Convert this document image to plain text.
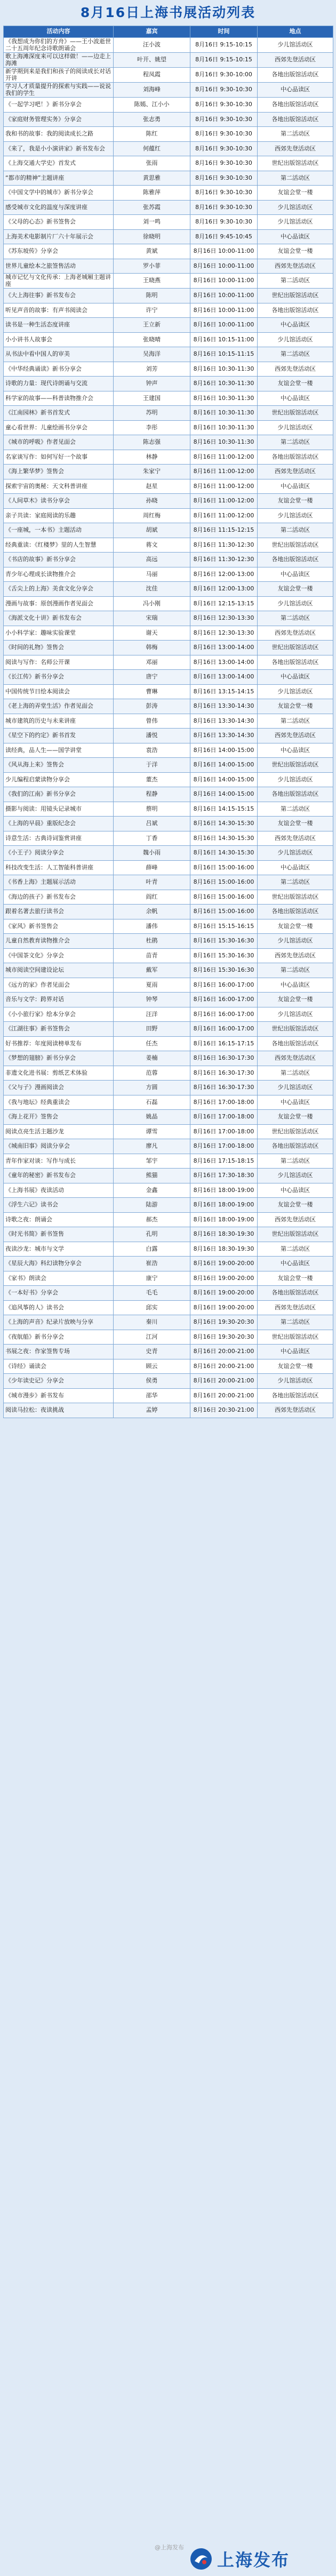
8月16日上海书展活动列表
活动内容	嘉宾	时间	地点
《我想成为你们的方舟》——王小波逝世二十五周年纪念诗歌朗诵会	汪小波	8月16日 9:15-10:15	少儿馆活动区
歌上海滩深度来可以这样做！——边走上海滩	叶开、姚望	8月16日 9:15-10:15	西郊先登活动区
新学期到来是我们和孩子的阅读成长对话开讲	程凤霞	8月16日 9:30-10:00	各地出版馆活动区
学习人才质量提升的探索与实践——说说我们的学生	刘海峰	8月16日 9:30-10:30	中心品读区
《一起学习吧！》新书分享会	陈嫣、江小小	8月16日 9:30-10:30	各地出版馆活动区
《家庭财务管理实务》分享会	张志勇	8月16日 9:30-10:30	各地出版馆活动区
我和书的故事：我的阅读成长之路	陈红	8月16日 9:30-10:30	第二活动区
《来了，我是小小演讲家》新书发布会	何蕴红	8月16日 9:30-10:30	西郊先登活动区
《上海交通大学史》首发式	张雨	8月16日 9:30-10:30	世纪出版馆活动区
“都市的精神”主题讲座	黄思雅	8月16日 9:30-10:30	第二活动区
《中国文学中的城市》新书分享会	陈雅萍	8月16日 9:30-10:30	友谊会堂一楼
感受城市文化的温度与深度讲座	张苏霞	8月16日 9:30-10:30	少儿馆活动区
《父母的心态》新书签售会	刘一鸣	8月16日 9:30-10:30	少儿馆活动区
上海美术电影制片厂六十年展示会	徐晓明	8月16日 9:45-10:45	中心品读区
《苏东坡传》分享会	黄斌	8月16日 10:00-11:00	友谊会堂一楼
世界儿童绘本之旅签售活动	罗小菲	8月16日 10:00-11:00	西郊先登活动区
城市记忆与文化传承：上海老城厢主题讲座	王晓燕	8月16日 10:00-11:00	第二活动区
《大上海往事》新书发布会	陈明	8月16日 10:00-11:00	世纪出版馆活动区
听见声音的故事：有声书阅读会	许宁	8月16日 10:00-11:00	各地出版馆活动区
读书是一种生活态度讲座	王立新	8月16日 10:00-11:00	中心品读区
小小讲书人故事会	张晓晴	8月16日 10:15-11:00	少儿馆活动区
从书法中看中国人的审美	吴海洋	8月16日 10:15-11:15	第二活动区
《中华经典诵读》新书分享会	刘芳	8月16日 10:30-11:30	西郊先登活动区
诗歌的力量：现代诗朗诵与交流	钟声	8月16日 10:30-11:30	友谊会堂一楼
科学家的故事——科普读物推介会	王建国	8月16日 10:30-11:30	中心品读区
《江南园林》新书首发式	苏明	8月16日 10:30-11:30	世纪出版馆活动区
童心看世界：儿童绘画书分享会	李彤	8月16日 10:30-11:30	少儿馆活动区
《城市的呼吸》作者见面会	陈志强	8月16日 10:30-11:30	第二活动区
名家谈写作：如何写好一个故事	林静	8月16日 11:00-12:00	各地出版馆活动区
《海上繁华梦》签售会	朱家宁	8月16日 11:00-12:00	西郊先登活动区
探索宇宙的奥秘：天文科普讲座	赵星	8月16日 11:00-12:00	中心品读区
《人间草木》读书分享会	孙晓	8月16日 11:00-12:00	友谊会堂一楼
亲子共读：家庭阅读的乐趣	周红梅	8月16日 11:00-12:00	少儿馆活动区
《一座城，一本书》主题活动	胡斌	8月16日 11:15-12:15	第二活动区
经典重读：《红楼梦》里的人生智慧	蒋文	8月16日 11:30-12:30	世纪出版馆活动区
《书店的故事》新书分享会	高远	8月16日 11:30-12:30	各地出版馆活动区
青少年心理成长读物推介会	马丽	8月16日 12:00-13:00	中心品读区
《舌尖上的上海》美食文化分享会	沈佳	8月16日 12:00-13:00	友谊会堂一楼
漫画与故事：原创漫画作者见面会	冯小刚	8月16日 12:15-13:15	少儿馆活动区
《海派文化十讲》新书发布会	宋瑞	8月16日 12:30-13:30	第二活动区
小小科学家：趣味实验课堂	谢天	8月16日 12:30-13:30	西郊先登活动区
《时间的礼物》签售会	韩梅	8月16日 13:00-14:00	世纪出版馆活动区
阅读与写作：名师公开课	邓丽	8月16日 13:00-14:00	各地出版馆活动区
《长江传》新书分享会	唐宁	8月16日 13:00-14:00	中心品读区
中国传统节日绘本阅读会	曹琳	8月16日 13:15-14:15	少儿馆活动区
《老上海的弄堂生活》作者见面会	彭涛	8月16日 13:30-14:30	友谊会堂一楼
城市建筑的历史与未来讲座	曾伟	8月16日 13:30-14:30	第二活动区
《星空下的约定》新书首发	潘悦	8月16日 13:30-14:30	西郊先登活动区
读经典，品人生——国学讲堂	袁浩	8月16日 14:00-15:00	中心品读区
《风从海上来》签售会	于洋	8月16日 14:00-15:00	世纪出版馆活动区
少儿编程启蒙读物分享会	董杰	8月16日 14:00-15:00	少儿馆活动区
《我们的江南》新书分享会	程静	8月16日 14:00-15:00	各地出版馆活动区
摄影与阅读：用镜头记录城市	蔡明	8月16日 14:15-15:15	第二活动区
《上海的早晨》重版纪念会	吕斌	8月16日 14:30-15:30	友谊会堂一楼
诗意生活：古典诗词鉴赏讲座	丁香	8月16日 14:30-15:30	西郊先登活动区
《小王子》阅读分享会	魏小雨	8月16日 14:30-15:30	少儿馆活动区
科技改变生活：人工智能科普讲座	薛峰	8月16日 15:00-16:00	中心品读区
《书香上海》主题展示活动	叶青	8月16日 15:00-16:00	第二活动区
《海边的孩子》新书发布会	阎红	8月16日 15:00-16:00	世纪出版馆活动区
跟着名著去旅行读书会	余帆	8月16日 15:00-16:00	各地出版馆活动区
《家风》新书签售会	潘伟	8月16日 15:15-16:15	友谊会堂一楼
儿童自然教育读物推介会	杜鹃	8月16日 15:30-16:30	少儿馆活动区
《中国茶文化》分享会	苗青	8月16日 15:30-16:30	西郊先登活动区
城市阅读空间建设论坛	戴军	8月16日 15:30-16:30	第二活动区
《远方的家》作者见面会	夏雨	8月16日 16:00-17:00	中心品读区
音乐与文学：跨界对话	钟琴	8月16日 16:00-17:00	友谊会堂一楼
《小小旅行家》绘本分享会	汪洋	8月16日 16:00-17:00	少儿馆活动区
《江湖往事》新书签售会	田野	8月16日 16:00-17:00	世纪出版馆活动区
好书推荐：年度阅读榜单发布	任杰	8月16日 16:15-17:15	各地出版馆活动区
《梦想的翅膀》新书分享会	姜楠	8月16日 16:30-17:30	西郊先登活动区
非遗文化进书展：剪纸艺术体验	范蓉	8月16日 16:30-17:30	第二活动区
《父与子》漫画阅读会	方圆	8月16日 16:30-17:30	少儿馆活动区
《我与地坛》经典重读会	石磊	8月16日 17:00-18:00	中心品读区
《海上花开》签售会	姚晶	8月16日 17:00-18:00	友谊会堂一楼
阅读点亮生活主题沙龙	谭雪	8月16日 17:00-18:00	世纪出版馆活动区
《城南旧事》阅读分享会	廖凡	8月16日 17:00-18:00	各地出版馆活动区
青年作家对谈：写作与成长	邹宇	8月16日 17:15-18:15	第二活动区
《童年的秘密》新书发布会	熊猫	8月16日 17:30-18:30	少儿馆活动区
《上海书展》夜读活动	金鑫	8月16日 18:00-19:00	中心品读区
《浮生六记》读书会	陆游	8月16日 18:00-19:00	友谊会堂一楼
诗歌之夜：朗诵会	郝杰	8月16日 18:00-19:00	西郊先登活动区
《时光书简》新书签售	孔明	8月16日 18:30-19:30	世纪出版馆活动区
夜读沙龙：城市与文学	白露	8月16日 18:30-19:30	第二活动区
《星辰大海》科幻读物分享会	崔浩	8月16日 19:00-20:00	中心品读区
《家书》朗读会	康宁	8月16日 19:00-20:00	友谊会堂一楼
《一本好书》分享会	毛毛	8月16日 19:00-20:00	各地出版馆活动区
《追风筝的人》读书会	邱实	8月16日 19:00-20:00	西郊先登活动区
《上海的声音》纪录片放映与分享	秦川	8月16日 19:30-20:30	第二活动区
《夜航船》新书分享会	江河	8月16日 19:30-20:30	世纪出版馆活动区
书展之夜：作家签售专场	史青	8月16日 20:00-21:00	中心品读区
《诗经》诵读会	顾云	8月16日 20:00-21:00	友谊会堂一楼
《少年读史记》分享会	侯勇	8月16日 20:00-21:00	少儿馆活动区
《城市漫步》新书发布	邵华	8月16日 20:00-21:00	各地出版馆活动区
阅读马拉松：夜读挑战	孟婷	8月16日 20:30-21:00	西郊先登活动区
@上海发布
上海发布
